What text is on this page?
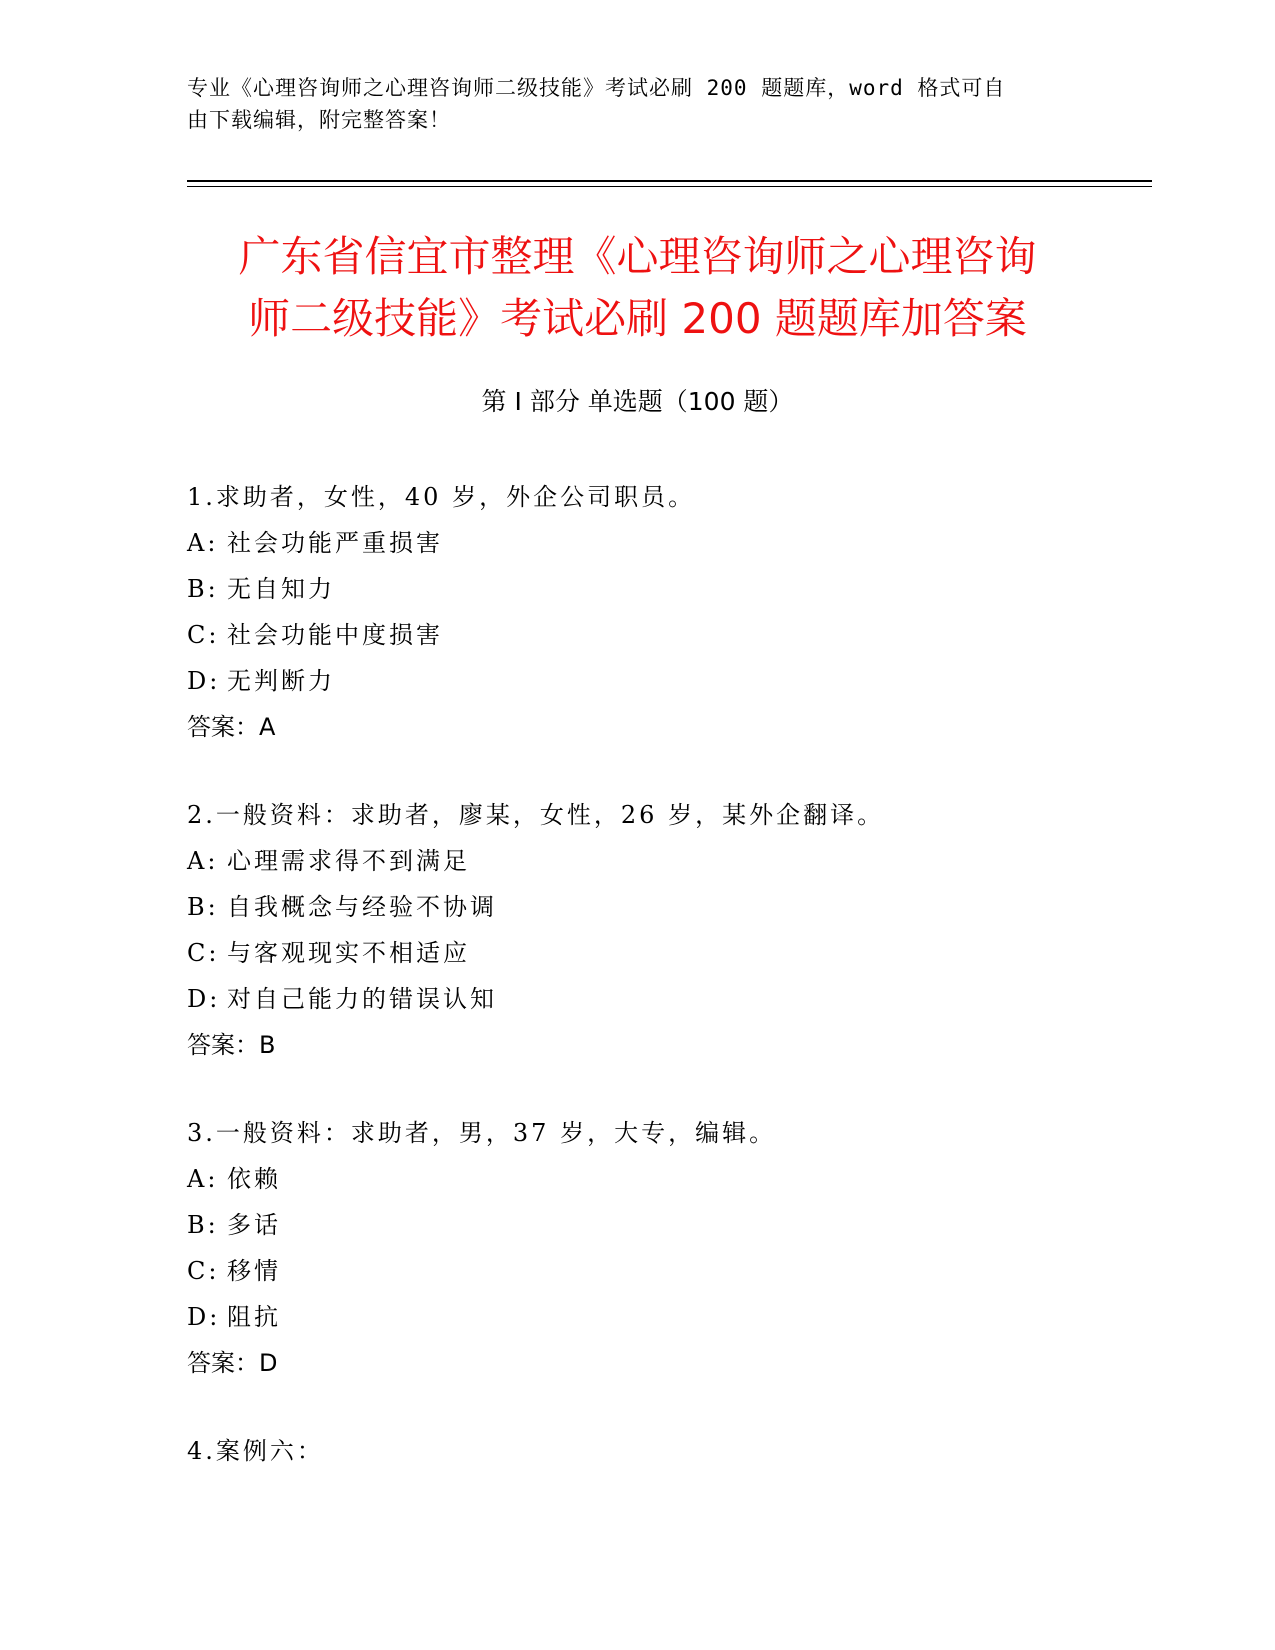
专业《心理咨询师之心理咨询师二级技能》考试必刷 200 题题库，word 格式可自
由下载编辑，附完整答案！
广东省信宜市整理《心理咨询师之心理咨询
师二级技能》考试必刷 200 题题库加答案
第 I 部分 单选题（100 题）
1.求助者，女性，40 岁，外企公司职员。
A: 社会功能严重损害
B: 无自知力
C: 社会功能中度损害
D: 无判断力
答案：A
2.一般资料：求助者，廖某，女性，26 岁，某外企翻译。
A: 心理需求得不到满足
B: 自我概念与经验不协调
C: 与客观现实不相适应
D: 对自己能力的错误认知
答案：B
3.一般资料：求助者，男，37 岁，大专，编辑。
A: 依赖
B: 多话
C: 移情
D: 阻抗
答案：D
4.案例六：
